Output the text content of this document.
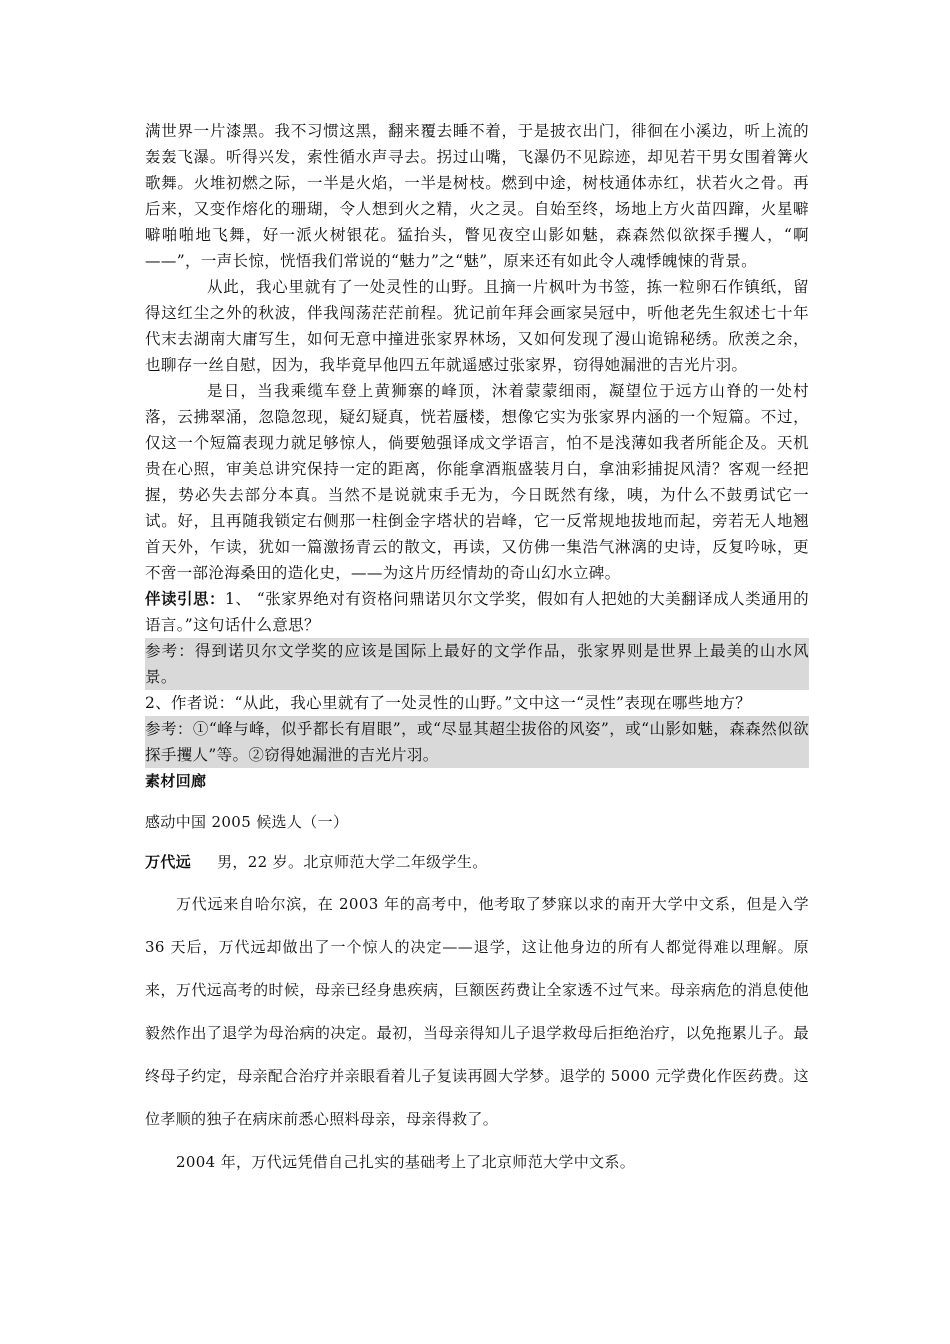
满世界一片漆黑。我不习惯这黑，翻来覆去睡不着，于是披衣出门，徘徊在小溪边，听上流的轰轰飞瀑。听得兴发，索性循水声寻去。拐过山嘴，飞瀑仍不见踪迹，却见若干男女围着篝火歌舞。火堆初燃之际，一半是火焰，一半是树枝。燃到中途，树枝通体赤红，状若火之骨。再后来，又变作熔化的珊瑚，令人想到火之精，火之灵。自始至终，场地上方火苗四蹿，火星噼噼啪啪地飞舞，好一派火树银花。猛抬头，瞥见夜空山影如魅，森森然似欲探手攫人，“啊——”，一声长惊，恍悟我们常说的“魅力”之“魅”，原来还有如此令人魂悸魄悚的背景。

从此，我心里就有了一处灵性的山野。且摘一片枫叶为书签，拣一粒卵石作镇纸，留得这红尘之外的秋波，伴我闯荡茫茫前程。犹记前年拜会画家吴冠中，听他老先生叙述七十年代末去湖南大庸写生，如何无意中撞进张家界林场，又如何发现了漫山诡锦秘绣。欣羡之余，也聊存一丝自慰，因为，我毕竟早他四五年就遥感过张家界，窃得她漏泄的吉光片羽。

是日，当我乘缆车登上黄狮寨的峰顶，沐着蒙蒙细雨，凝望位于远方山脊的一处村落，云拂翠涌，忽隐忽现，疑幻疑真，恍若蜃楼，想像它实为张家界内涵的一个短篇。不过，仅这一个短篇表现力就足够惊人，倘要勉强译成文学语言，怕不是浅薄如我者所能企及。天机贵在心照，审美总讲究保持一定的距离，你能拿酒瓶盛装月白，拿油彩捕捉风清？客观一经把握，势必失去部分本真。当然不是说就束手无为，今日既然有缘，咦，为什么不鼓勇试它一试。好，且再随我锁定右侧那一柱倒金字塔状的岩峰，它一反常规地拔地而起，旁若无人地翘首天外，乍读，犹如一篇激扬青云的散文，再读，又仿佛一集浩气淋漓的史诗，反复吟咏，更不啻一部沧海桑田的造化史，——为这片历经情劫的奇山幻水立碑。

伴读引思：1、 “张家界绝对有资格问鼎诺贝尔文学奖，假如有人把她的大美翻译成人类通用的语言。”这句话什么意思？

参考：得到诺贝尔文学奖的应该是国际上最好的文学作品，张家界则是世界上最美的山水风景。

2、作者说：“从此，我心里就有了一处灵性的山野。”文中这一“灵性”表现在哪些地方？

参考：①“峰与峰，似乎都长有眉眼”，或“尽显其超尘拔俗的风姿”，或“山影如魅，森森然似欲探手攫人”等。②窃得她漏泄的吉光片羽。

素材回廊

感动中国 2005 候选人（一）

万代远 男，22 岁。北京师范大学二年级学生。

万代远来自哈尔滨，在 2003 年的高考中，他考取了梦寐以求的南开大学中文系，但是入学 36 天后，万代远却做出了一个惊人的决定——退学，这让他身边的所有人都觉得难以理解。原来，万代远高考的时候，母亲已经身患疾病，巨额医药费让全家透不过气来。母亲病危的消息使他毅然作出了退学为母治病的决定。最初，当母亲得知儿子退学救母后拒绝治疗，以免拖累儿子。最终母子约定，母亲配合治疗并亲眼看着儿子复读再圆大学梦。退学的 5000 元学费化作医药费。这位孝顺的独子在病床前悉心照料母亲，母亲得救了。

2004 年，万代远凭借自己扎实的基础考上了北京师范大学中文系。
